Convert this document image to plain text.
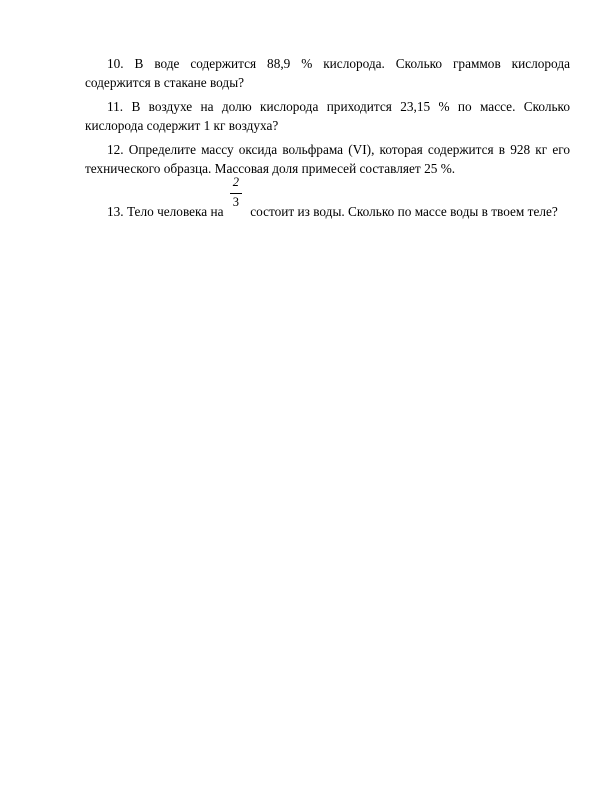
10. В воде содержится 88,9 % кислорода. Сколько граммов кислорода содержится в стакане воды?

11. В воздухе на долю кислорода приходится 23,15 % по массе. Сколько кислорода содержит 1 кг воздуха?

12. Определите массу оксида вольфрама (VI), которая содержится в 928 кг его технического образца. Массовая доля примесей составляет 25 %.

13. Тело человека на $\frac{2}{3}$ состоит из воды. Сколько по массе воды в твоем теле?
